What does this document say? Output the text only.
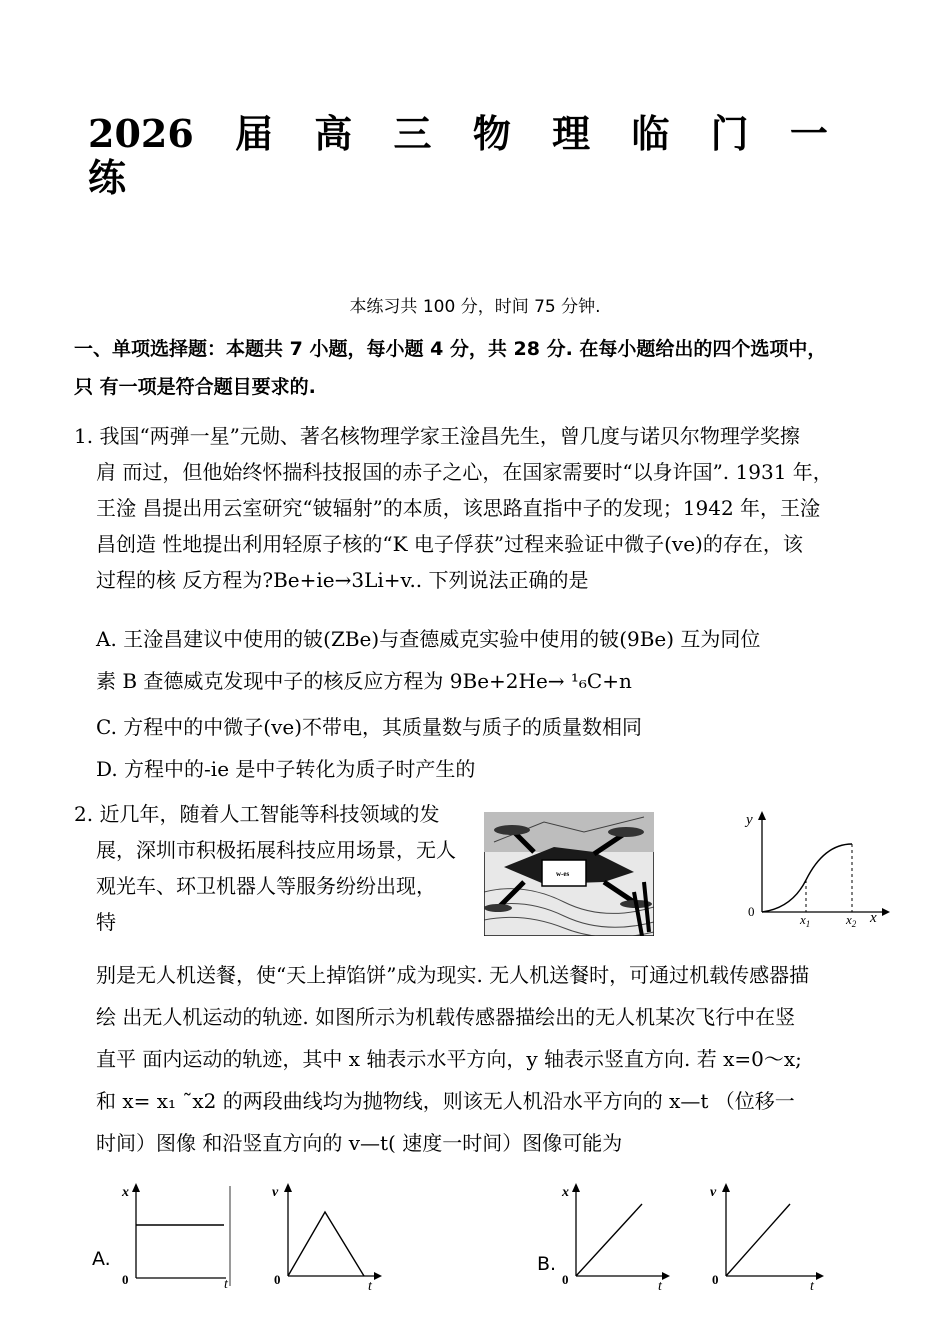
2026 届 高 三 物 理 临 门 一
练
本练习共 100 分，时间 75 分钟.
一、单项选择题：本题共 7 小题，每小题 4 分，共 28 分. 在每小题给出的四个选项中，
只 有一项是符合题目要求的.
1. 我国“两弹一星”元勋、著名核物理学家王淦昌先生，曾几度与诺贝尔物理学奖擦
肩 而过，但他始终怀揣科技报国的赤子之心，在国家需要时“以身许国”. 1931 年，
王淦 昌提出用云室研究“铍辐射”的本质，该思路直指中子的发现；1942 年，王淦
昌创造 性地提出利用轻原子核的“K 电子俘获”过程来验证中微子(ve)的存在，该
过程的核 反方程为?Be+ie→3Li+v.. 下列说法正确的是
A. 王淦昌建议中使用的铍(ZBe)与查德威克实验中使用的铍(9Be) 互为同位
素 B 查德威克发现中子的核反应方程为 9Be+2He→ ¹₆C+n
C. 方程中的中微子(ve)不带电，其质量数与质子的质量数相同
D. 方程中的-ie 是中子转化为质子时产生的
2. 近几年，随着人工智能等科技领域的发
展，深圳市积极拓展科技应用场景，无人
观光车、环卫机器人等服务纷纷出现，
特
w-es
y
0
$x_1$	$x_2$ x
别是无人机送餐，使“天上掉馅饼”成为现实. 无人机送餐时，可通过机载传感器描
绘 出无人机运动的轨迹. 如图所示为机载传感器描绘出的无人机某次飞行中在竖
直平 面内运动的轨迹，其中 x 轴表示水平方向，y 轴表示竖直方向. 若 x=0～x;
和 x= x₁ ˜x2 的两段曲线均为抛物线，则该无人机沿水平方向的 x—t （位移一
时间）图像 和沿竖直方向的 v—t( 速度一时间）图像可能为
A.
x
0	t
v
0	t
B.
x
0	t
v
0	t
